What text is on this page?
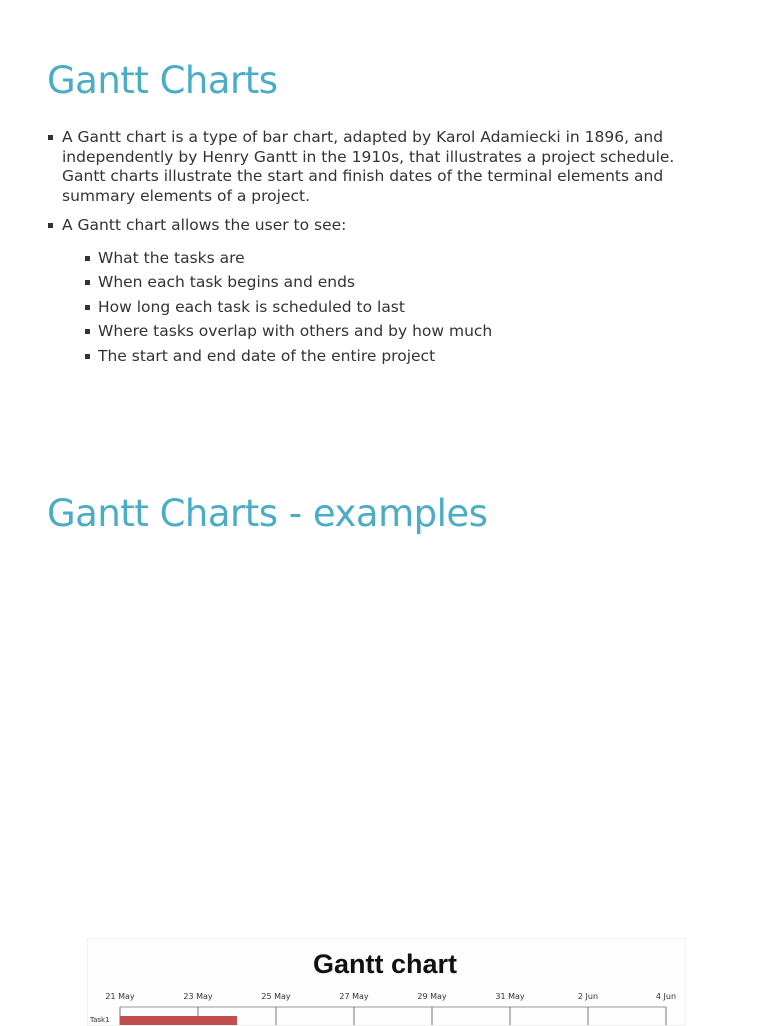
Gantt Charts
A Gantt chart is a type of bar chart, adapted by Karol Adamiecki in 1896, and independently by Henry Gantt in the 1910s, that illustrates a project schedule. Gantt charts illustrate the start and finish dates of the terminal elements and summary elements of a project.
A Gantt chart allows the user to see:
What the tasks are
When each task begins and ends
How long each task is scheduled to last
Where tasks overlap with others and by how much
The start and end date of the entire project
Gantt Charts - examples
Gantt chart
21 May	23 May	25 May	27 May	29 May	31 May	2 Jun	4 Jun
Task1
